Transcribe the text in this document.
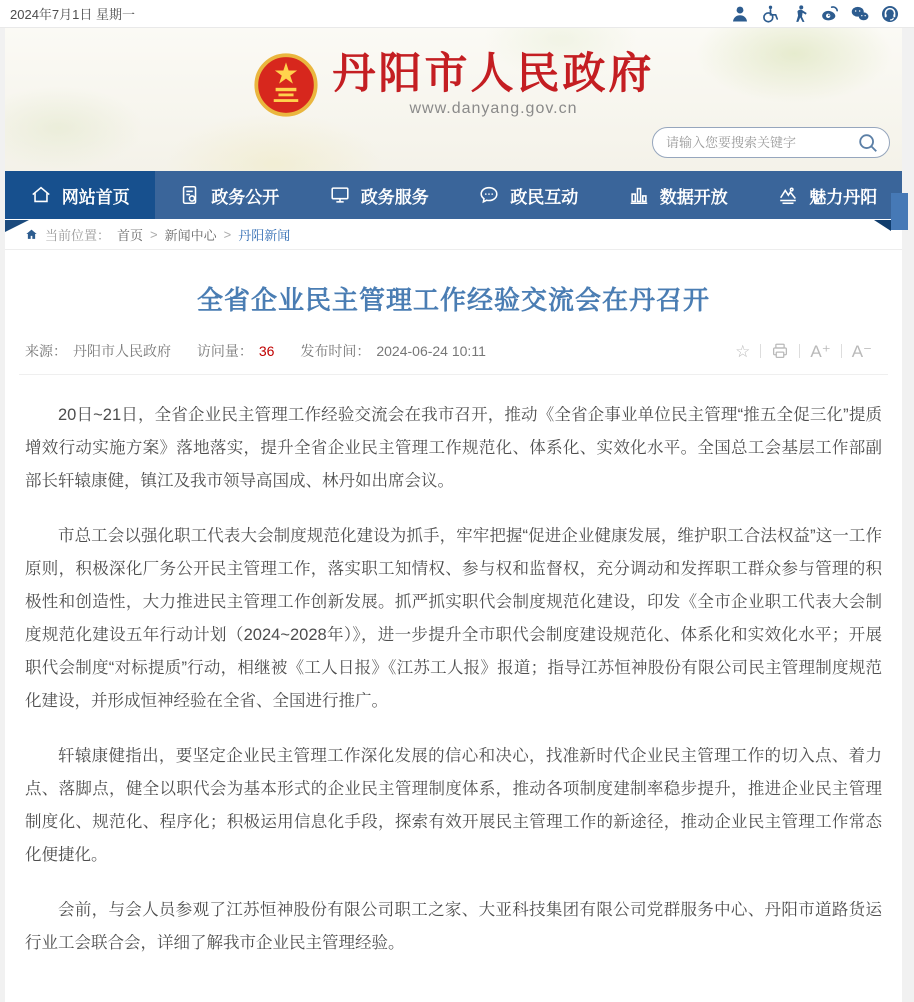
2024年7月1日 星期一
丹阳市人民政府
www.danyang.gov.cn
请输入您要搜索关键字
网站首页	政务公开	政务服务	政民互动	数据开放	魅力丹阳
当前位置： 首页 > 新闻中心 > 丹阳新闻
全省企业民主管理工作经验交流会在丹召开
来源： 丹阳市人民政府 访问量： 36 发布时间： 2024-06-24 10:11	☆	A⁺	A⁻

20日~21日，全省企业民主管理工作经验交流会在我市召开，推动《全省企事业单位民主管理“推五全促三化”提质增效行动实施方案》落地落实，提升全省企业民主管理工作规范化、体系化、实效化水平。全国总工会基层工作部副部长轩辕康健，镇江及我市领导高国成、林丹如出席会议。

市总工会以强化职工代表大会制度规范化建设为抓手，牢牢把握“促进企业健康发展，维护职工合法权益”这一工作原则，积极深化厂务公开民主管理工作，落实职工知情权、参与权和监督权，充分调动和发挥职工群众参与管理的积极性和创造性，大力推进民主管理工作创新发展。抓严抓实职代会制度规范化建设，印发《全市企业职工代表大会制度规范化建设五年行动计划（2024~2028年）》，进一步提升全市职代会制度建设规范化、体系化和实效化水平；开展职代会制度“对标提质”行动，相继被《工人日报》《江苏工人报》报道；指导江苏恒神股份有限公司民主管理制度规范化建设，并形成恒神经验在全省、全国进行推广。

轩辕康健指出，要坚定企业民主管理工作深化发展的信心和决心，找准新时代企业民主管理工作的切入点、着力点、落脚点，健全以职代会为基本形式的企业民主管理制度体系，推动各项制度建制率稳步提升，推进企业民主管理制度化、规范化、程序化；积极运用信息化手段，探索有效开展民主管理工作的新途径，推动企业民主管理工作常态化便捷化。

会前，与会人员参观了江苏恒神股份有限公司职工之家、大亚科技集团有限公司党群服务中心、丹阳市道路货运行业工会联合会，详细了解我市企业民主管理经验。
